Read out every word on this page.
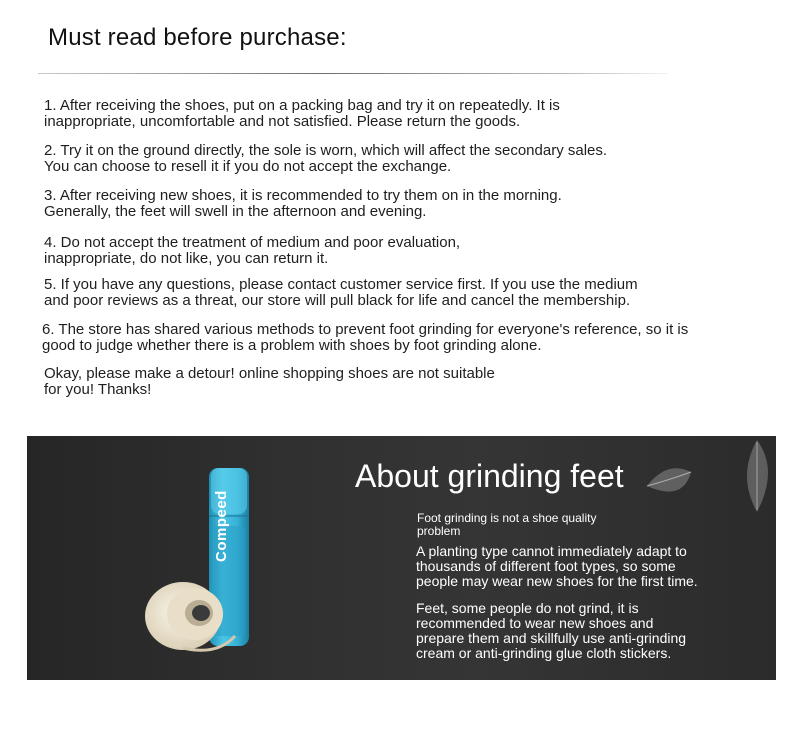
Must read before purchase:
1. After receiving the shoes, put on a packing bag and try it on repeatedly. It is
inappropriate, uncomfortable and not satisfied. Please return the goods.
2. Try it on the ground directly, the sole is worn, which will affect the secondary sales.
You can choose to resell it if you do not accept the exchange.
3. After receiving new shoes, it is recommended to try them on in the morning.
Generally, the feet will swell in the afternoon and evening.
4. Do not accept the treatment of medium and poor evaluation,
inappropriate, do not like, you can return it.
5. If you have any questions, please contact customer service first. If you use the medium
and poor reviews as a threat, our store will pull black for life and cancel the membership.
6. The store has shared various methods to prevent foot grinding for everyone's reference, so it is
good to judge whether there is a problem with shoes by foot grinding alone.
Okay, please make a detour! online shopping shoes are not suitable
for you! Thanks!
Compeed
About grinding feet
Foot grinding is not a shoe quality
problem
A planting type cannot immediately adapt to
thousands of different foot types, so some
people may wear new shoes for the first time.
Feet, some people do not grind, it is
recommended to wear new shoes and
prepare them and skillfully use anti-grinding
cream or anti-grinding glue cloth stickers.
